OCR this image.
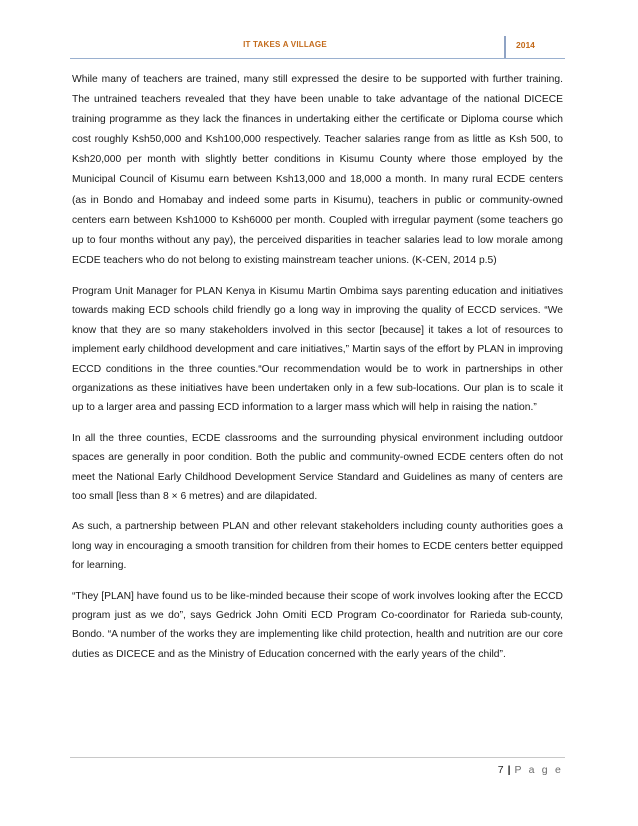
IT TAKES A VILLAGE	2014

While many of teachers are trained, many still expressed the desire to be supported with further training. The untrained teachers revealed that they have been unable to take advantage of the national DICECE training programme as they lack the finances in undertaking either the certificate or Diploma course which cost roughly Ksh50,000 and Ksh100,000 respectively. Teacher salaries range from as little as Ksh 500, to Ksh20,000 per month with slightly better conditions in Kisumu County where those employed by the Municipal Council of Kisumu earn between Ksh13,000 and 18,000 a month. In many rural ECDE centers (as in Bondo and Homabay and indeed some parts in Kisumu), teachers in public or community-owned centers earn between Ksh1000 to Ksh6000 per month. Coupled with irregular payment (some teachers go up to four months without any pay), the perceived disparities in teacher salaries lead to low morale among ECDE teachers who do not belong to existing mainstream teacher unions. (K-CEN, 2014 p.5)

Program Unit Manager for PLAN Kenya in Kisumu Martin Ombima says parenting education and initiatives towards making ECD schools child friendly go a long way in improving the quality of ECCD services. “We know that they are so many stakeholders involved in this sector [because] it takes a lot of resources to implement early childhood development and care initiatives,” Martin says of the effort by PLAN in improving ECCD conditions in the three counties.“Our recommendation would be to work in partnerships in other organizations as these initiatives have been undertaken only in a few sub-locations. Our plan is to scale it up to a larger area and passing ECD information to a larger mass which will help in raising the nation.”

In all the three counties, ECDE classrooms and the surrounding physical environment including outdoor spaces are generally in poor condition. Both the public and community-owned ECDE centers often do not meet the National Early Childhood Development Service Standard and Guidelines as many of centers are too small [less than 8 × 6 metres) and are dilapidated.

As such, a partnership between PLAN and other relevant stakeholders including county authorities goes a long way in encouraging a smooth transition for children from their homes to ECDE centers better equipped for learning.

“They [PLAN] have found us to be like-minded because their scope of work involves looking after the ECCD program just as we do”, says Gedrick John Omiti ECD Program Co-coordinator for Rarieda sub-county, Bondo. “A number of the works they are implementing like child protection, health and nutrition are our core duties as DICECE and as the Ministry of Education concerned with the early years of the child”.

7 | P a g e
